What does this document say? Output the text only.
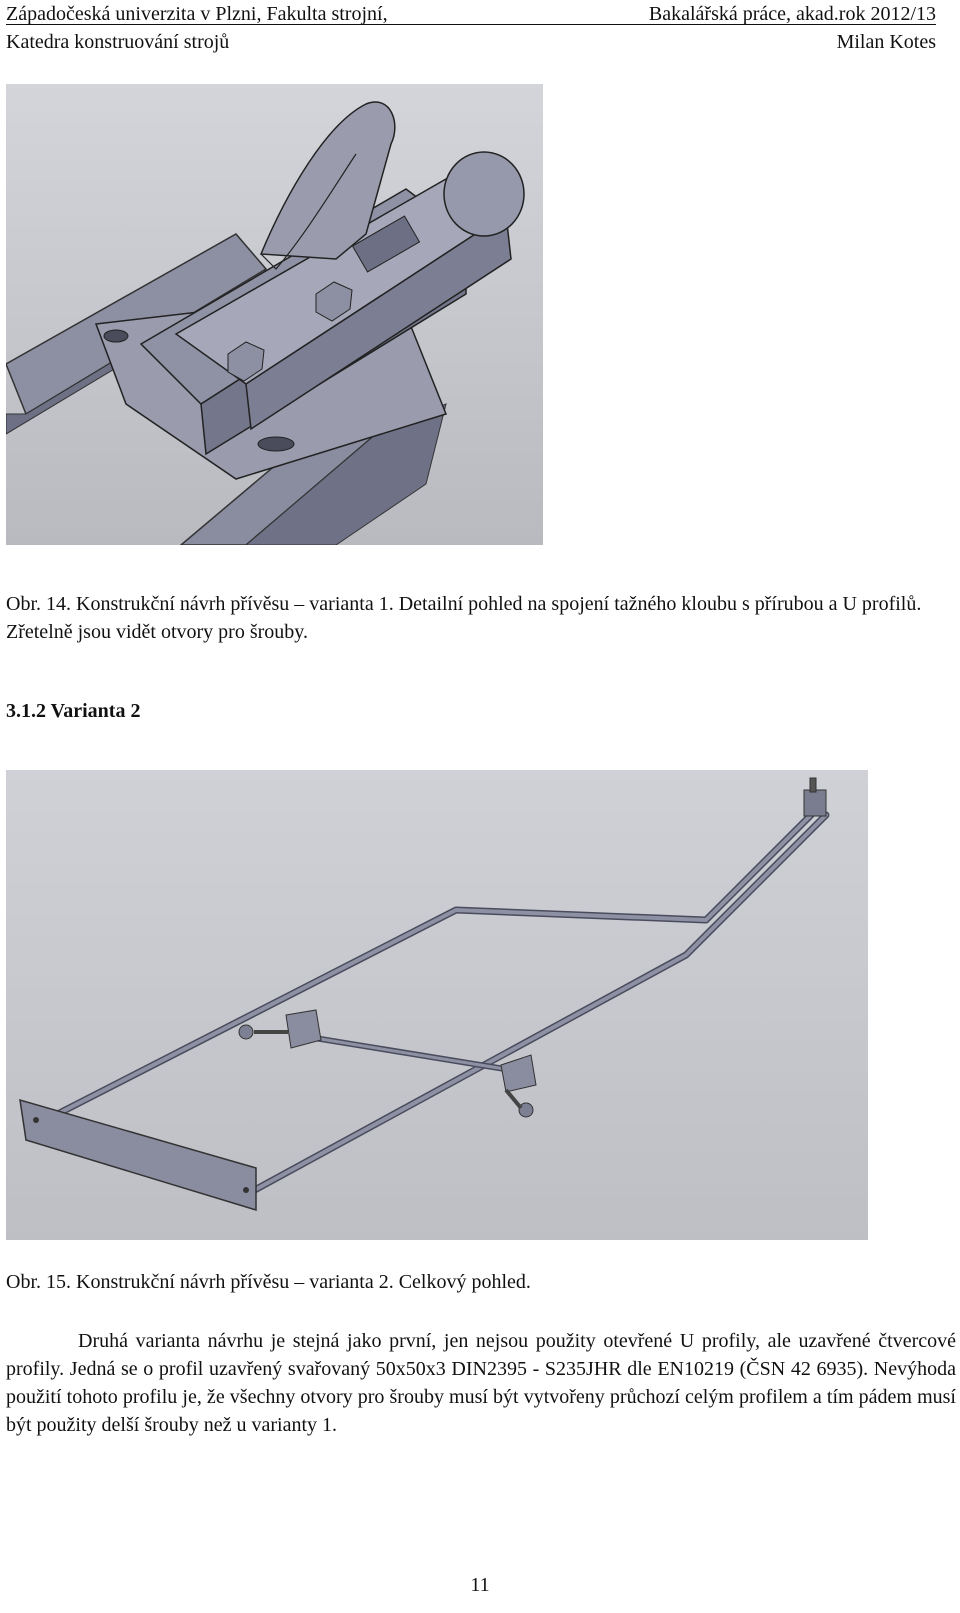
Západočeská univerzita v Plzni, Fakulta strojní,	Bakalářská práce, akad.rok 2012/13
Katedra konstruování strojů	Milan Kotes
Obr. 14. Konstrukční návrh přívěsu – varianta 1. Detailní pohled na spojení tažného kloubu s přírubou a U profilů. Zřetelně jsou vidět otvory pro šrouby.
3.1.2 Varianta 2
Obr. 15. Konstrukční návrh přívěsu – varianta 2. Celkový pohled.

Druhá varianta návrhu je stejná jako první, jen nejsou použity otevřené U profily, ale uzavřené čtvercové profily. Jedná se o profil uzavřený svařovaný 50x50x3 DIN2395 - S235JHR dle EN10219 (ČSN 42 6935). Nevýhoda použití tohoto profilu je, že všechny otvory pro šrouby musí být vytvořeny průchozí celým profilem a tím pádem musí být použity delší šrouby než u varianty 1.

11
